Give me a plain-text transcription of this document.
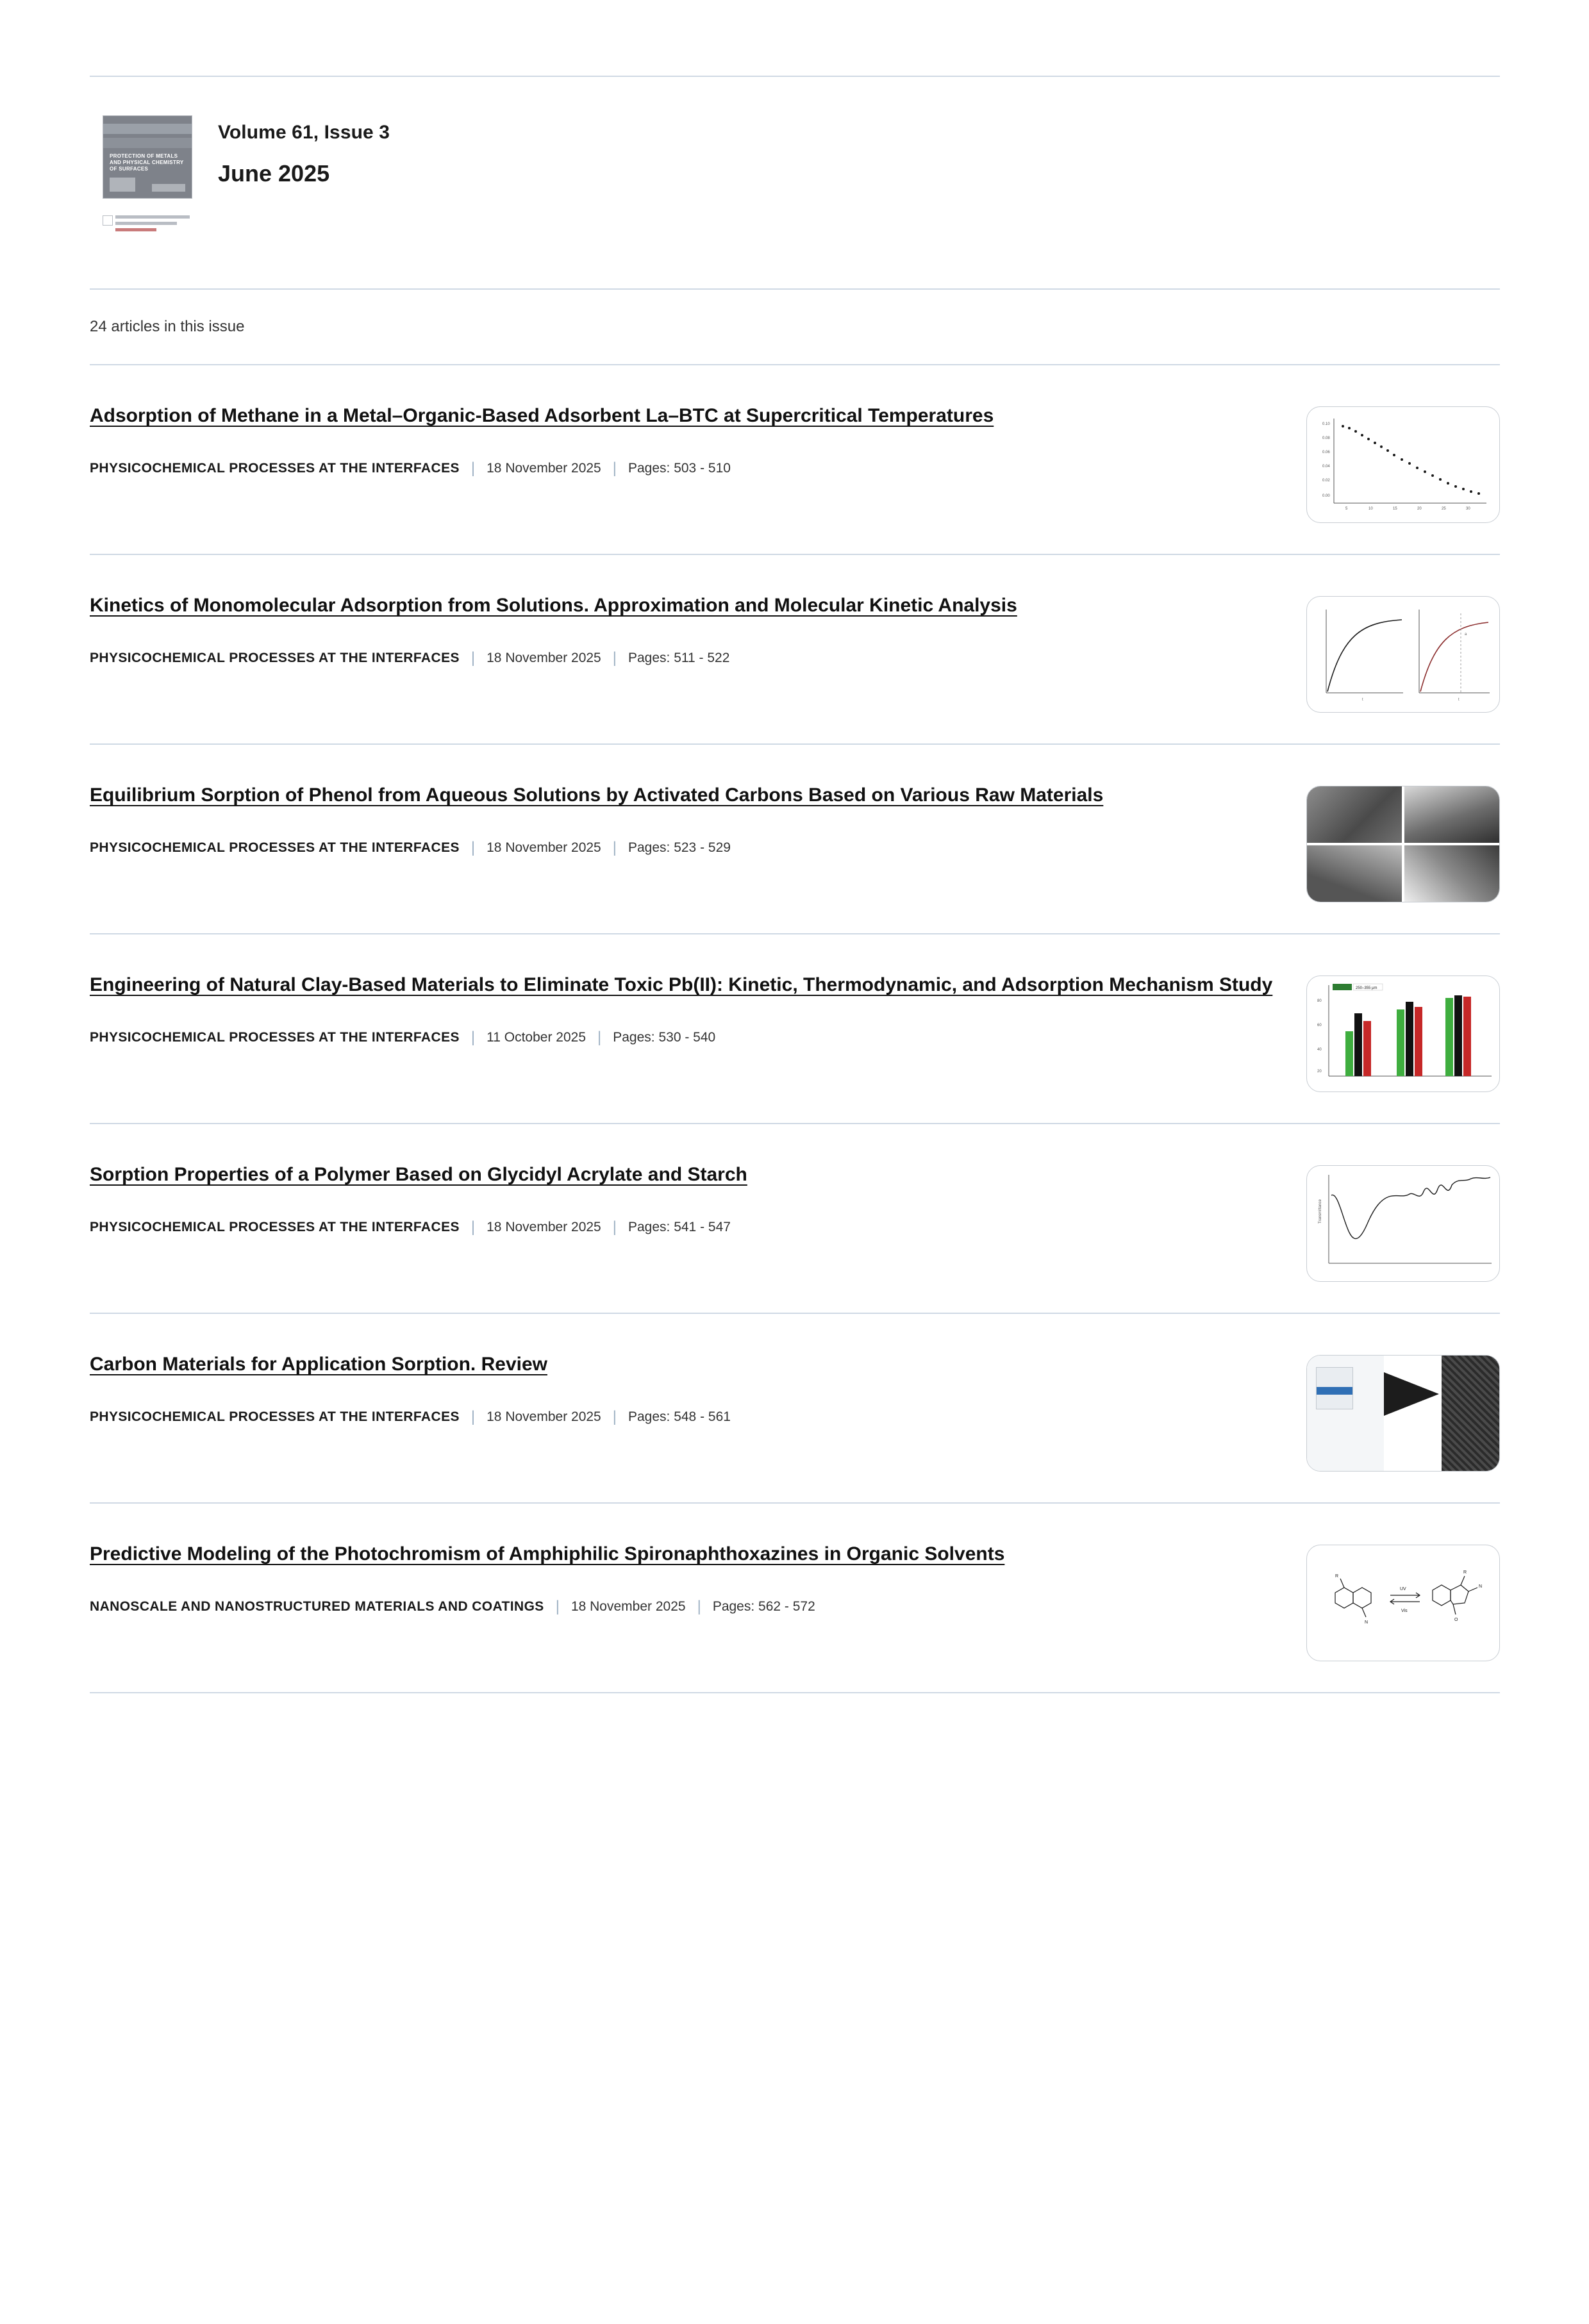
PROTECTION OF METALS AND PHYSICAL CHEMISTRY OF SURFACES
Volume 61, Issue 3
June 2025
24 articles in this issue
Adsorption of Methane in a Metal–Organic-Based Adsorbent La–BTC at Supercritical Temperatures
PHYSICOCHEMICAL PROCESSES AT THE INTERFACES | 18 November 2025 | Pages: 503 - 510
0.10
0.08
0.06
0.04
0.02
0.00
5	10	15	20	25	30
Kinetics of Monomolecular Adsorption from Solutions. Approximation and Molecular Kinetic Analysis
PHYSICOCHEMICAL PROCESSES AT THE INTERFACES | 18 November 2025 | Pages: 511 - 522
t	t
a
Equilibrium Sorption of Phenol from Aqueous Solutions by Activated Carbons Based on Various Raw Materials
PHYSICOCHEMICAL PROCESSES AT THE INTERFACES | 18 November 2025 | Pages: 523 - 529
Engineering of Natural Clay-Based Materials to Eliminate Toxic Pb(II): Kinetic, Thermodynamic, and Adsorption Mechanism Study
PHYSICOCHEMICAL PROCESSES AT THE INTERFACES | 11 October 2025 | Pages: 530 - 540
80
60
40
20
250–355 μm
Sorption Properties of a Polymer Based on Glycidyl Acrylate and Starch
PHYSICOCHEMICAL PROCESSES AT THE INTERFACES | 18 November 2025 | Pages: 541 - 547
Transmittance
Carbon Materials for Application Sorption. Review
PHYSICOCHEMICAL PROCESSES AT THE INTERFACES | 18 November 2025 | Pages: 548 - 561
Predictive Modeling of the Photochromism of Amphiphilic Spironaphthoxazines in Organic Solvents
NANOSCALE AND NANOSTRUCTURED MATERIALS AND COATINGS | 18 November 2025 | Pages: 562 - 572
UV
Vis
R
N
R
N
O
